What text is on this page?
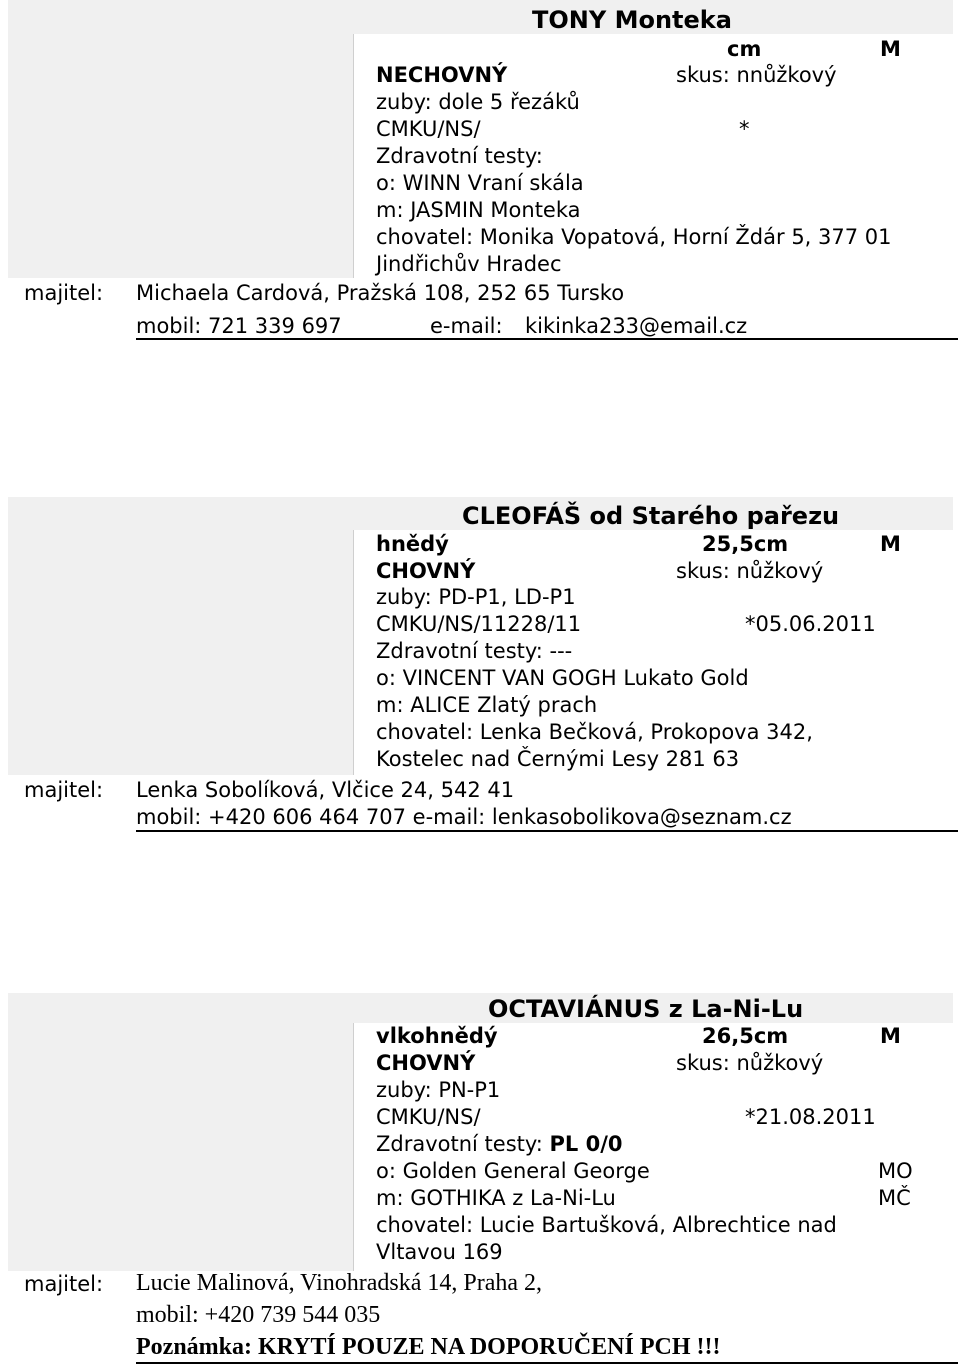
TONY Monteka
cm	M
NECHOVNÝ	skus: nnůžkový
zuby: dole 5 řezáků
CMKU/NS/	*
Zdravotní testy:
o: WINN Vraní skála
m: JASMIN Monteka
chovatel: Monika Vopatová, Horní Ždár 5, 377 01
Jindřichův Hradec
majitel: Michaela Cardová, Pražská 108, 252 65 Tursko
mobil: 721 339 697	e-mail: kikinka233@email.cz
CLEOFÁŠ od Starého pařezu
hnědý	25,5cm	M
CHOVNÝ	skus: nůžkový
zuby: PD-P1, LD-P1
CMKU/NS/11228/11	*05.06.2011
Zdravotní testy: ---
o: VINCENT VAN GOGH Lukato Gold
m: ALICE Zlatý prach
chovatel: Lenka Bečková, Prokopova 342,
Kostelec nad Černými Lesy 281 63
majitel: Lenka Sobolíková, Vlčice 24, 542 41
mobil: +420 606 464 707 e-mail: lenkasobolikova@seznam.cz
OCTAVIÁNUS z La-Ni-Lu
vlkohnědý	26,5cm	M
CHOVNÝ	skus: nůžkový
zuby: PN-P1
CMKU/NS/	*21.08.2011
Zdravotní testy: PL 0/0
o: Golden General George	MO
m: GOTHIKA z La-Ni-Lu	MČ
chovatel: Lucie Bartušková, Albrechtice nad
Vltavou 169
majitel: Lucie Malinová, Vinohradská 14, Praha 2,
mobil: +420 739 544 035
Poznámka: KRYTÍ POUZE NA DOPORUČENÍ PCH !!!
